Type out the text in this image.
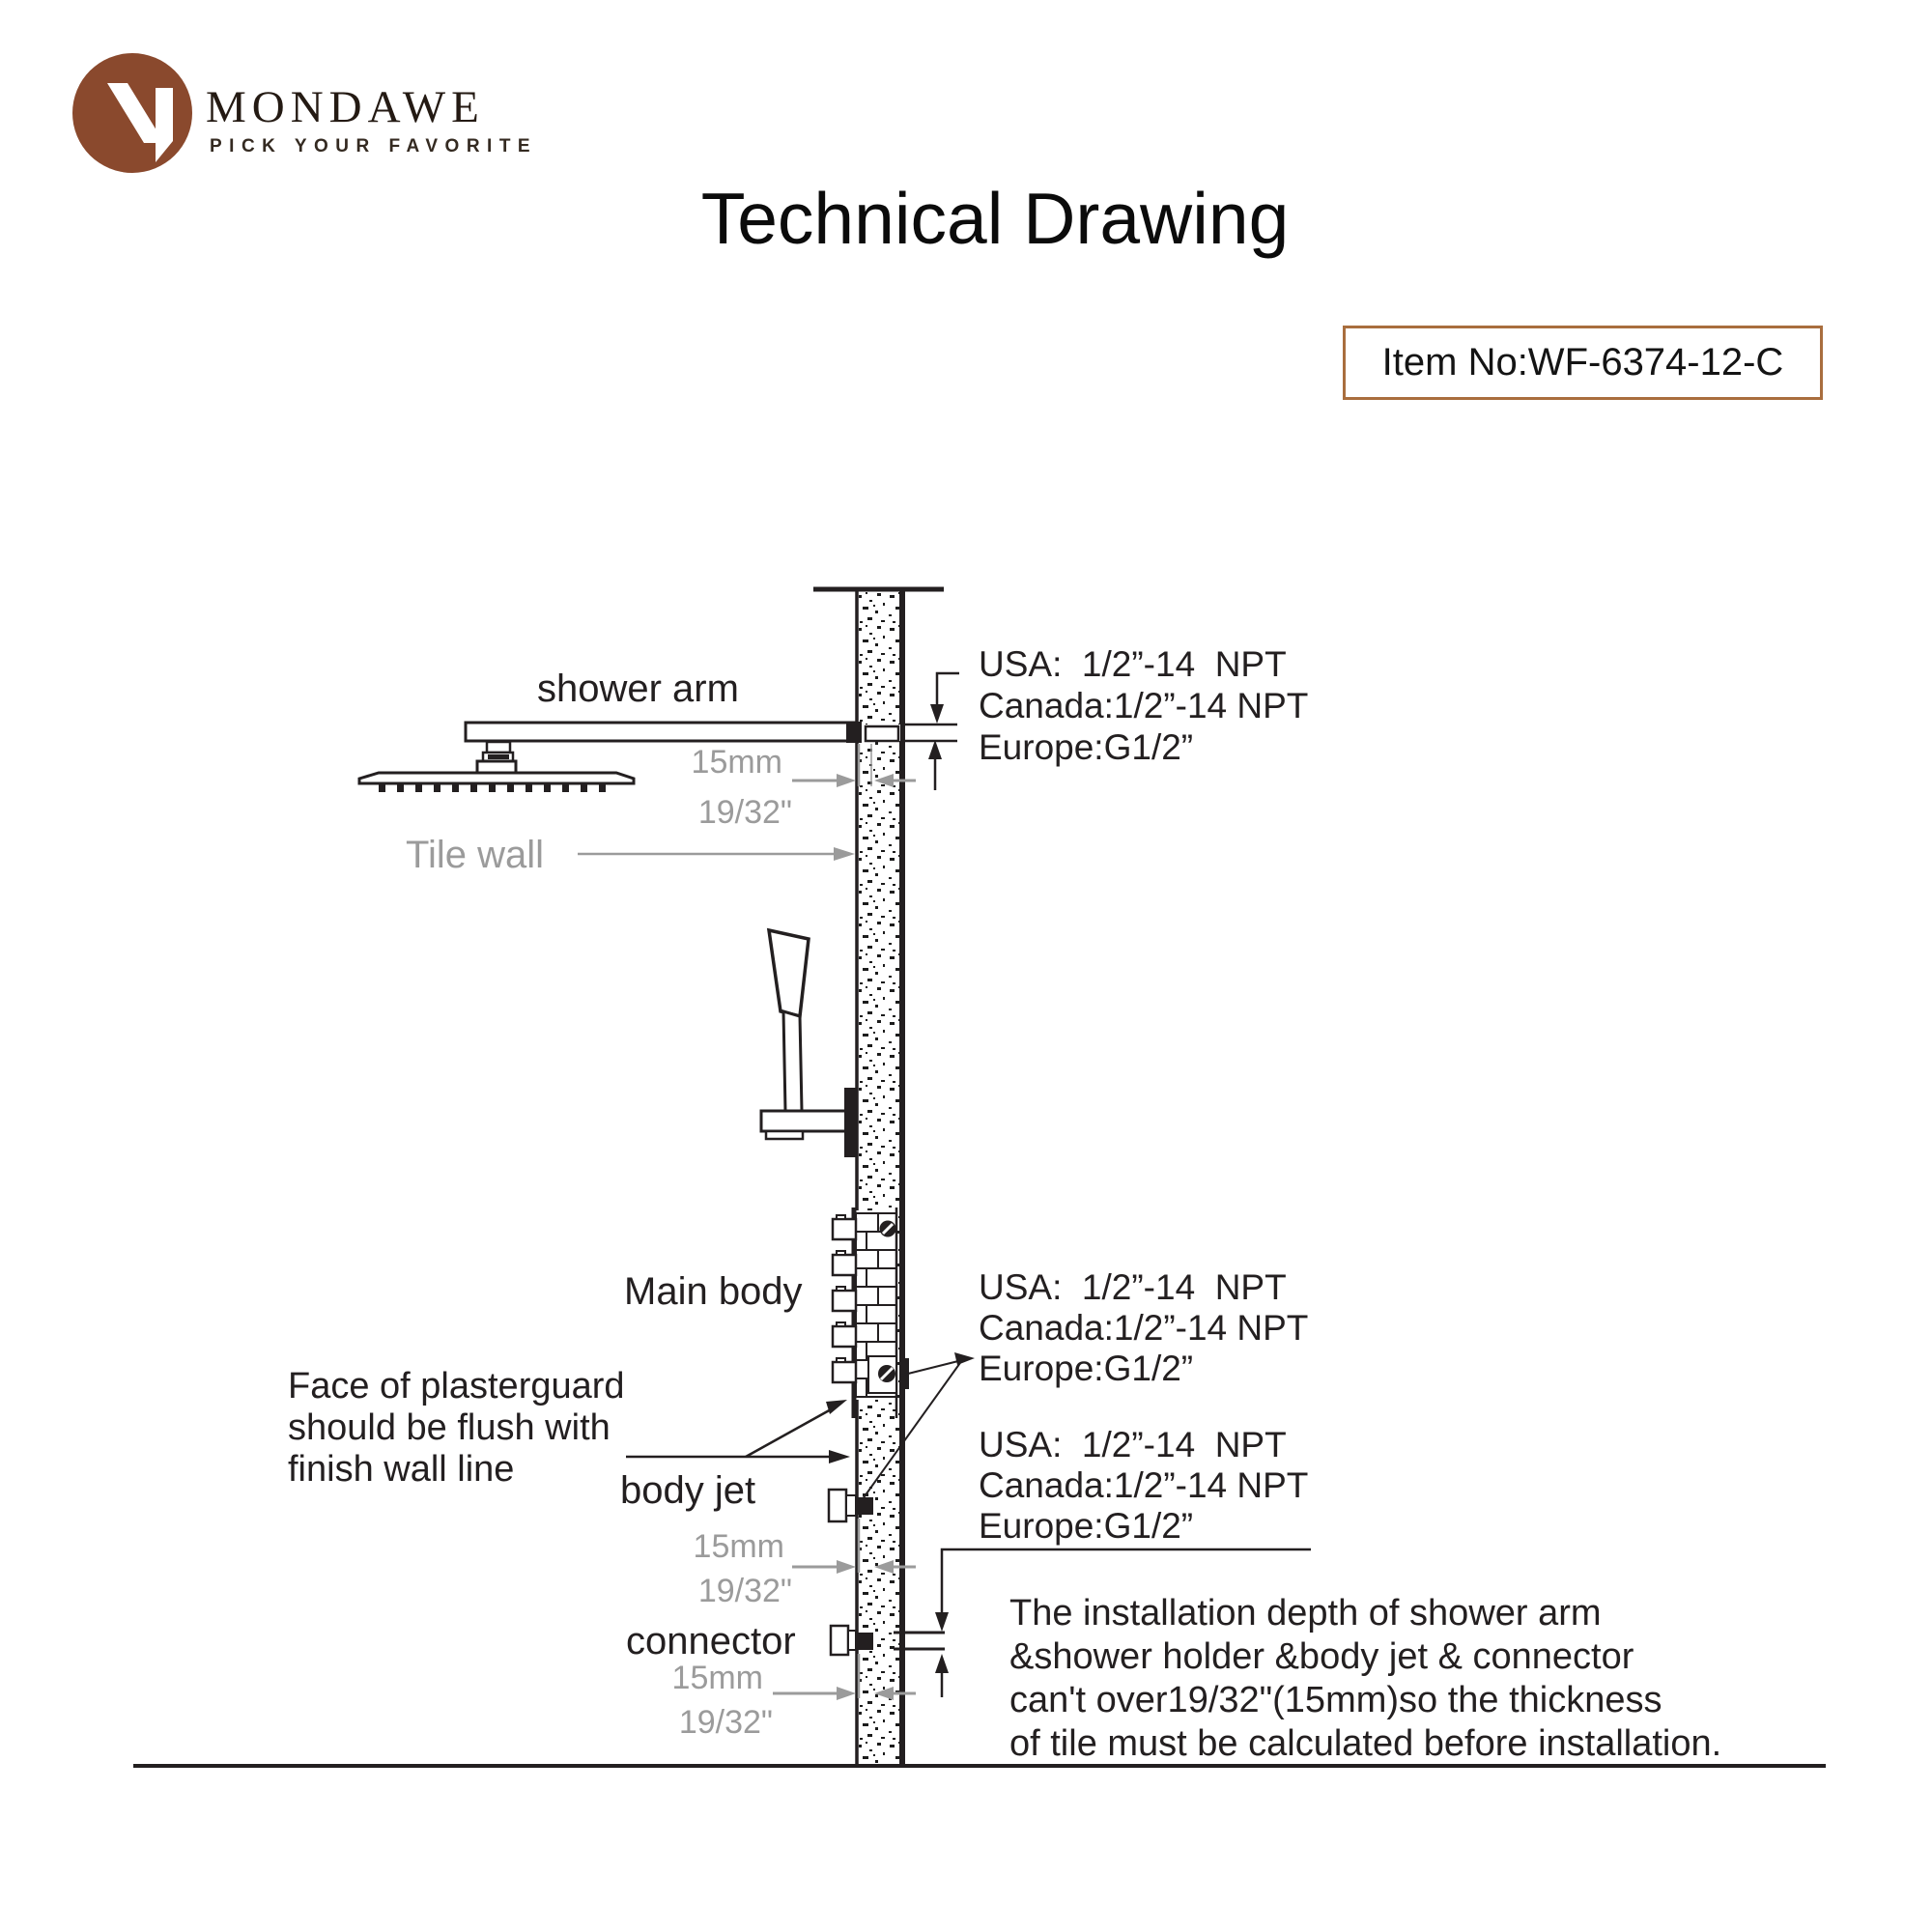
MONDAWE
PICK YOUR FAVORITE
Technical Drawing
Item No:WF-6374-12-C
15mm
19/32"
shower arm
Tile wall
USA:  1/2”-14  NPT
Canada:1/2”-14 NPT
Europe:G1/2”
Main body
Face of plasterguard
should be flush with
finish wall line
USA:  1/2”-14  NPT
Canada:1/2”-14 NPT
Europe:G1/2”
body jet
15mm
19/32"
USA:  1/2”-14  NPT
Canada:1/2”-14 NPT
Europe:G1/2”
connector
15mm
19/32"
The installation depth of shower arm
&shower holder &body jet & connector
can't over19/32"(15mm)so the thickness
of tile must be calculated before installation.
